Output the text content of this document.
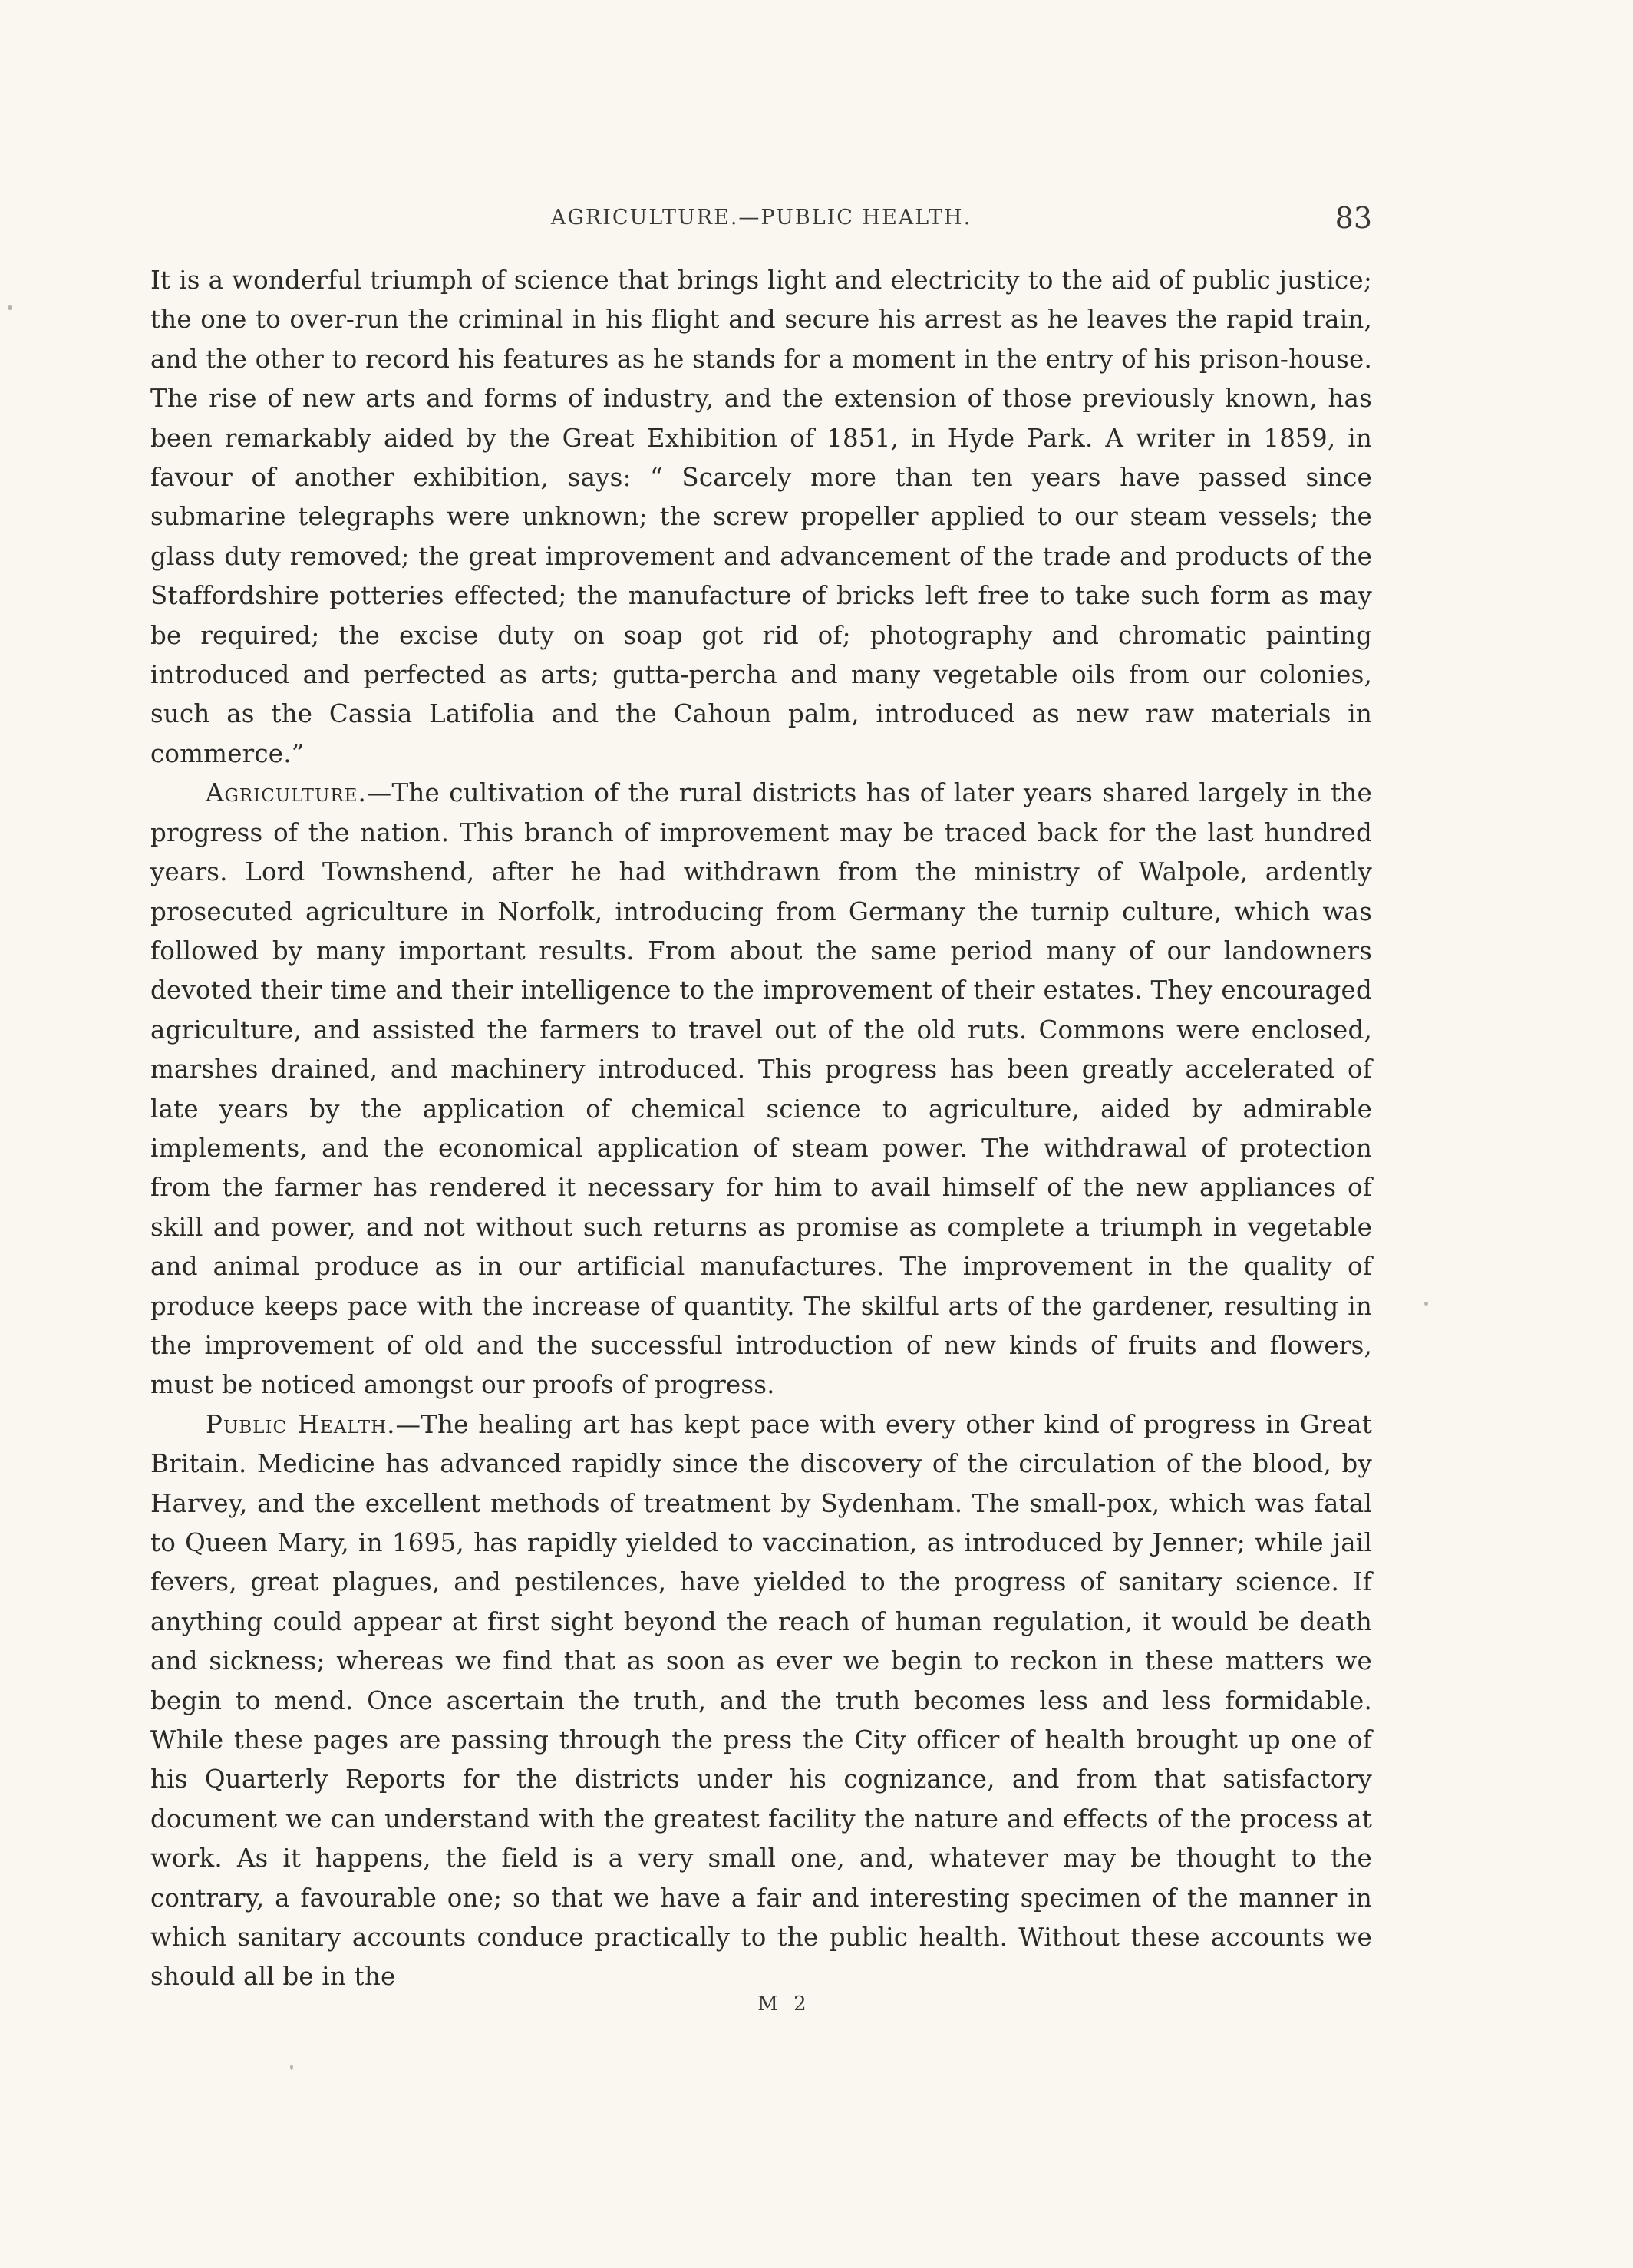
AGRICULTURE.—PUBLIC HEALTH.	83

It is a wonderful triumph of science that brings light and electricity to the aid of public justice; the one to over-run the criminal in his flight and secure his arrest as he leaves the rapid train, and the other to record his features as he stands for a moment in the entry of his prison-house. The rise of new arts and forms of industry, and the extension of those previously known, has been remarkably aided by the Great Exhibition of 1851, in Hyde Park. A writer in 1859, in favour of another exhibition, says: “ Scarcely more than ten years have passed since submarine telegraphs were unknown; the screw propeller applied to our steam vessels; the glass duty removed; the great improvement and advancement of the trade and products of the Staffordshire potteries effected; the manufacture of bricks left free to take such form as may be required; the excise duty on soap got rid of; photography and chromatic painting introduced and perfected as arts; gutta-percha and many vegetable oils from our colonies, such as the Cassia Latifolia and the Cahoun palm, introduced as new raw materials in commerce.”

Agriculture.—The cultivation of the rural districts has of later years shared largely in the progress of the nation. This branch of improvement may be traced back for the last hundred years. Lord Townshend, after he had withdrawn from the ministry of Walpole, ardently prosecuted agriculture in Norfolk, introducing from Germany the turnip culture, which was followed by many important results. From about the same period many of our landowners devoted their time and their intelligence to the improvement of their estates. They encouraged agriculture, and assisted the farmers to travel out of the old ruts. Commons were enclosed, marshes drained, and machinery introduced. This progress has been greatly accelerated of late years by the application of chemical science to agriculture, aided by admirable implements, and the economical application of steam power. The withdrawal of protection from the farmer has rendered it necessary for him to avail himself of the new appliances of skill and power, and not without such returns as promise as complete a triumph in vegetable and animal produce as in our artificial manufactures. The improvement in the quality of produce keeps pace with the increase of quantity. The skilful arts of the gardener, resulting in the improvement of old and the successful introduction of new kinds of fruits and flowers, must be noticed amongst our proofs of progress.

Public Health.—The healing art has kept pace with every other kind of progress in Great Britain. Medicine has advanced rapidly since the discovery of the circulation of the blood, by Harvey, and the excellent methods of treatment by Sydenham. The small-pox, which was fatal to Queen Mary, in 1695, has rapidly yielded to vaccination, as introduced by Jenner; while jail fevers, great plagues, and pestilences, have yielded to the progress of sanitary science. If anything could appear at first sight beyond the reach of human regulation, it would be death and sickness; whereas we find that as soon as ever we begin to reckon in these matters we begin to mend. Once ascertain the truth, and the truth becomes less and less formidable. While these pages are passing through the press the City officer of health brought up one of his Quarterly Reports for the districts under his cognizance, and from that satisfactory document we can understand with the greatest facility the nature and effects of the process at work. As it happens, the field is a very small one, and, whatever may be thought to the contrary, a favourable one; so that we have a fair and interesting specimen of the manner in which sanitary accounts conduce practically to the public health. Without these accounts we should all be in the

M 2
